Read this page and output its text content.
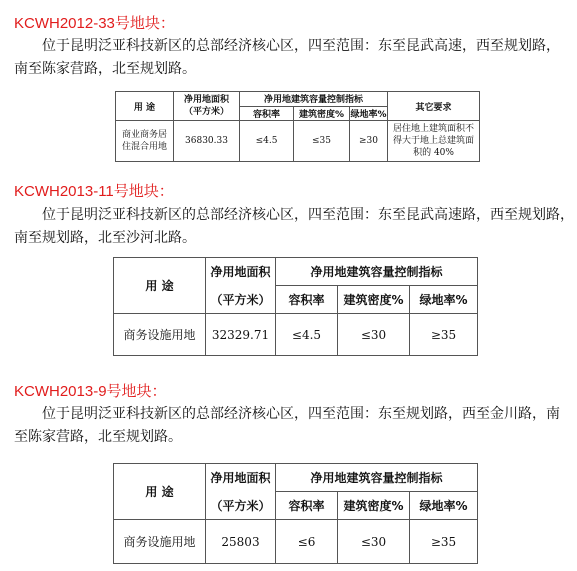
KCWH2012-33号地块：

位于昆明泛亚科技新区的总部经济核心区，四至范围：东至昆武高速，西至规划路，
南至陈家营路，北至规划路。

用 途	净用地面积（平方米）	净用地建筑容量控制指标			其它要求
		容积率	建筑密度%	绿地率%	
商业商务居住混合用地	36830.33	≤4.5	≤35	≥30	居住地上建筑面积不得大于地上总建筑面积的 40%
KCWH2013-11号地块：

位于昆明泛亚科技新区的总部经济核心区，四至范围：东至昆武高速路，西至规划路，
南至规划路，北至沙河北路。

用 途	净用地面积	净用地建筑容量控制指标		
	（平方米）	容积率	建筑密度%	绿地率%
商务设施用地	32329.71	≤4.5	≤30	≥35
KCWH2013-9号地块：

位于昆明泛亚科技新区的总部经济核心区，四至范围：东至规划路，西至金川路，南
至陈家营路，北至规划路。

用 途	净用地面积	净用地建筑容量控制指标		
	（平方米）	容积率	建筑密度%	绿地率%
商务设施用地	25803	≤6	≤30	≥35
